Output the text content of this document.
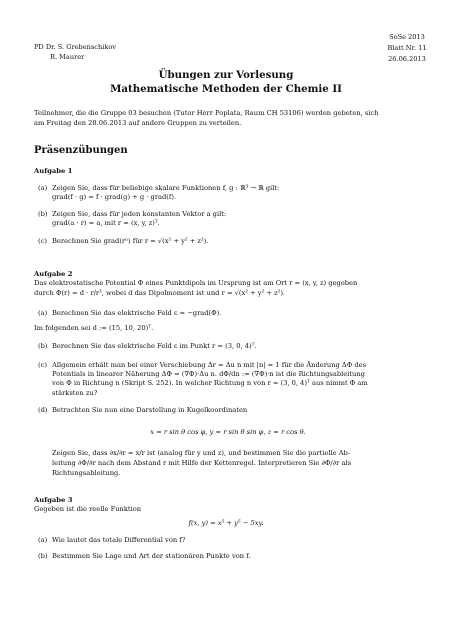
PD Dr. S. Grebenschikov
R. Maurer
SoSe 2013
Blatt Nr. 11
26.06.2013
Übungen zur Vorlesung
Mathematische Methoden der Chemie II
Teilnehmer, die die Gruppe 03 besuchen (Tutor Herr Poplata, Raum CH 53106) werden gebeten, sich
am Freitag den 28.06.2013 auf andere Gruppen zu verteilen.
Präsenzübungen
Aufgabe 1
(a) Zeigen Sie, dass für beliebige skalare Funktionen f, g : ℝ³ → ℝ gilt:
grad(f · g) = f · grad(g) + g · grad(f).
(b) Zeigen Sie, dass für jeden konstanten Vektor a gilt:
grad(a · r) = a, mit r = (x, y, z)ᵀ.
(c) Berechnen Sie grad(rⁿ) für r = √(x² + y² + z²).
Aufgabe 2
Das elektrostatische Potential Φ eines Punktdipols im Ursprung ist am Ort r = (x, y, z) gegeben
durch Φ(r) = d · r/r³, wobei d das Dipolmoment ist und r = √(x² + y² + z²).
(a) Berechnen Sie das elektrische Feld ε = −grad(Φ).
Im folgenden sei d := (15, 10, 20)ᵀ.
(b) Berechnen Sie das elektrische Feld ε im Punkt r = (3, 0, 4)ᵀ.
(c) Allgemein erhält man bei einer Verschiebung Δr = Δu n mit |n| = 1 für die Änderung ΔΦ des
Potentials in linearer Näherung ΔΦ = (∇Φ)·Δu n. dΦ/dn := (∇Φ)·n ist die Richtungsableitung
von Φ in Richtung n (Skript S. 252). In welcher Richtung n von r = (3, 0, 4)ᵀ aus nimmt Φ am
stärksten zu?
(d) Betrachten Sie nun eine Darstellung in Kugelkoordinaten
x = r sin θ cos φ, y = r sin θ sin φ, z = r cos θ.
Zeigen Sie, dass ∂x/∂r = x/r ist (analog für y und z), und bestimmen Sie die partielle Ab-
leitung ∂Φ/∂r nach dem Abstand r mit Hilfe der Kettenregel. Interpretieren Sie ∂Φ/∂r als
Richtungsableitung.
Aufgabe 3
Gegeben ist die reelle Funktion
f(x, y) = x⁵ + y⁵ − 5xy.
(a) Wie lautet das totale Differential von f?
(b) Bestimmen Sie Lage und Art der stationären Punkte von f.
